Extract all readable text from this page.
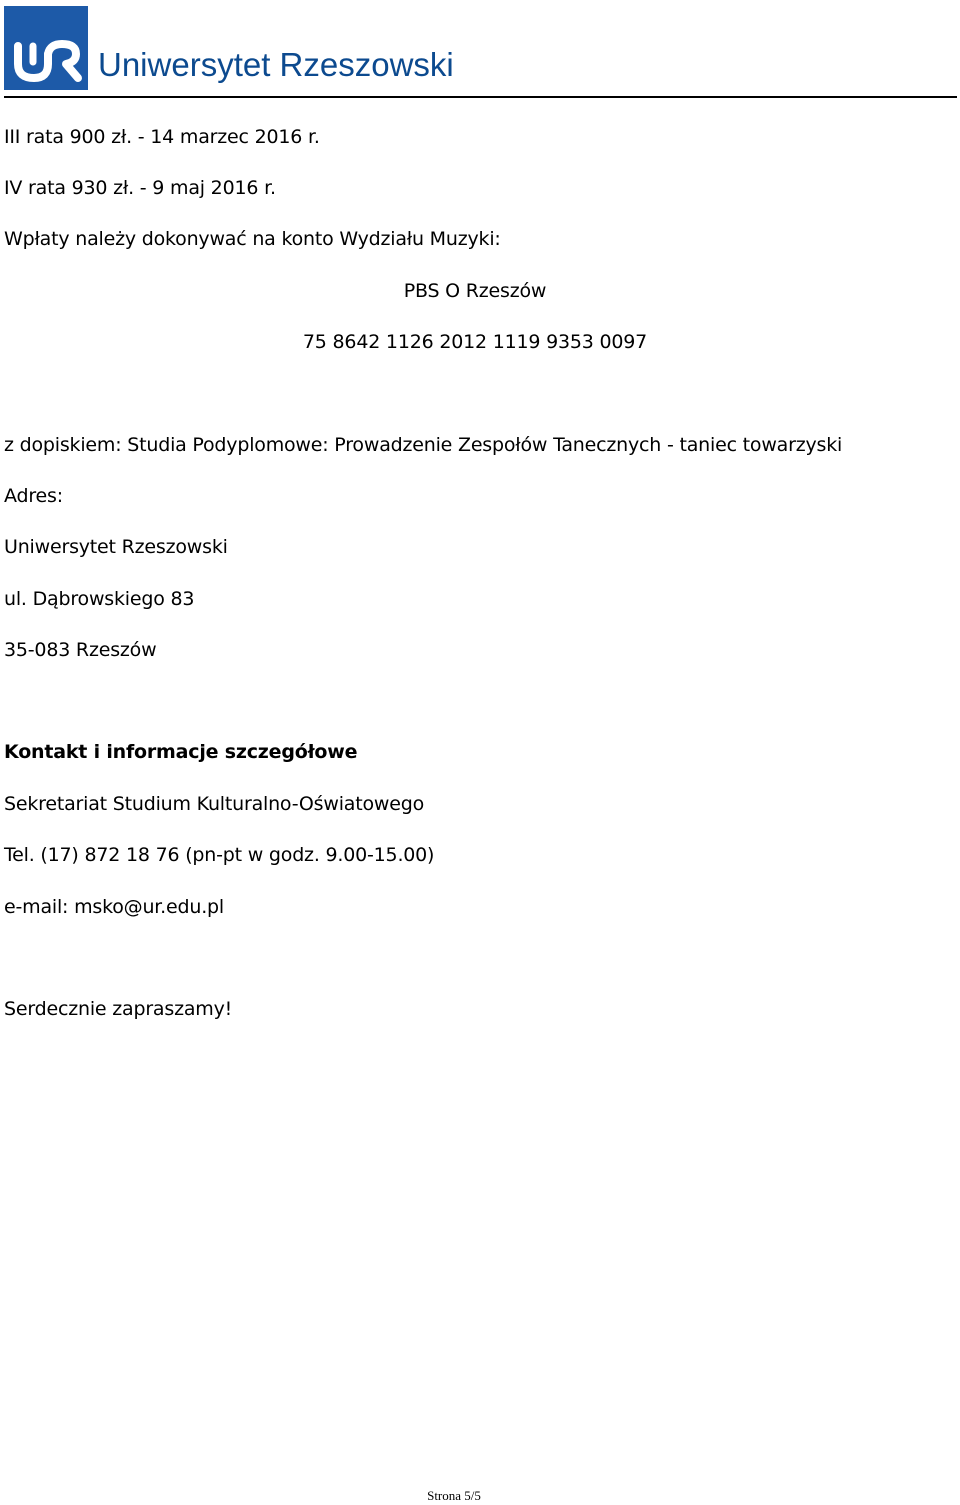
Uniwersytet Rzeszowski
III rata 900 zł. - 14 marzec 2016 r.
IV rata 930 zł. - 9 maj 2016 r.
Wpłaty należy dokonywać na konto Wydziału Muzyki:
PBS O Rzeszów
75 8642 1126 2012 1119 9353 0097
z dopiskiem: Studia Podyplomowe: Prowadzenie Zespołów Tanecznych - taniec towarzyski
Adres:
Uniwersytet Rzeszowski
ul. Dąbrowskiego 83
35-083 Rzeszów
Kontakt i informacje szczegółowe
Sekretariat Studium Kulturalno-Oświatowego
Tel. (17) 872 18 76 (pn-pt w godz. 9.00-15.00)
e-mail: msko@ur.edu.pl
Serdecznie zapraszamy!
Strona 5/5
